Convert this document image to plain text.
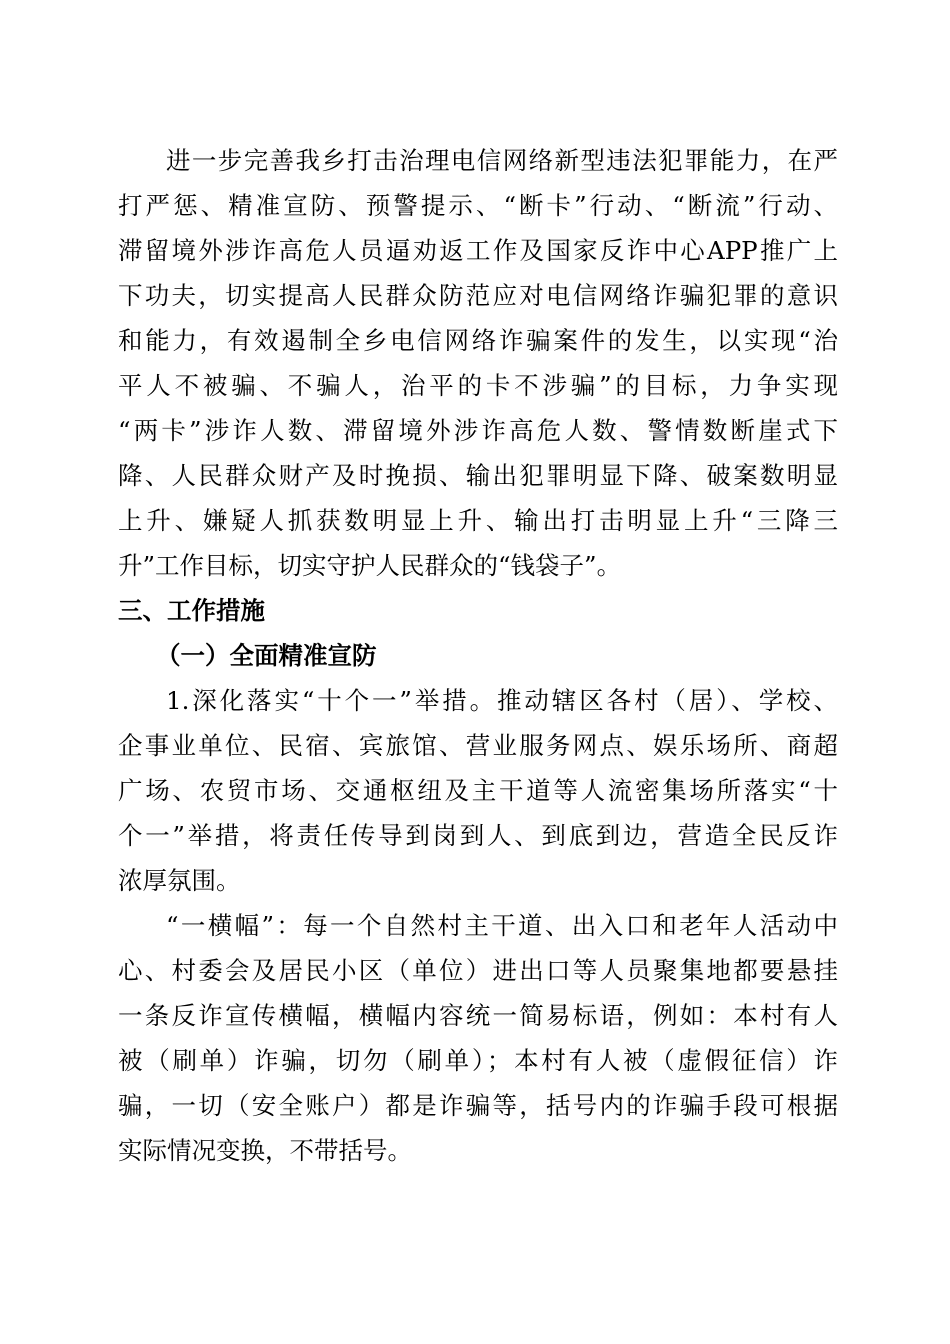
进一步完善我乡打击治理电信网络新型违法犯罪能力，在严
打严惩、精准宣防、预警提示、“断卡”行动、“断流”行动、
滞留境外涉诈高危人员逼劝返工作及国家反诈中心APP推广上
下功夫，切实提高人民群众防范应对电信网络诈骗犯罪的意识
和能力，有效遏制全乡电信网络诈骗案件的发生，以实现“治
平人不被骗、不骗人，治平的卡不涉骗”的目标，力争实现
“两卡”涉诈人数、滞留境外涉诈高危人数、警情数断崖式下
降、人民群众财产及时挽损、输出犯罪明显下降、破案数明显
上升、嫌疑人抓获数明显上升、输出打击明显上升“三降三
升”工作目标，切实守护人民群众的“钱袋子”。
三、工作措施
（一）全面精准宣防
1.深化落实“十个一”举措。推动辖区各村（居）、学校、
企事业单位、民宿、宾旅馆、营业服务网点、娱乐场所、商超
广场、农贸市场、交通枢纽及主干道等人流密集场所落实“十
个一”举措，将责任传导到岗到人、到底到边，营造全民反诈
浓厚氛围。
“一横幅”：每一个自然村主干道、出入口和老年人活动中
心、村委会及居民小区（单位）进出口等人员聚集地都要悬挂
一条反诈宣传横幅，横幅内容统一简易标语，例如：本村有人
被（刷单）诈骗，切勿（刷单）；本村有人被（虚假征信）诈
骗，一切（安全账户）都是诈骗等，括号内的诈骗手段可根据
实际情况变换，不带括号。
